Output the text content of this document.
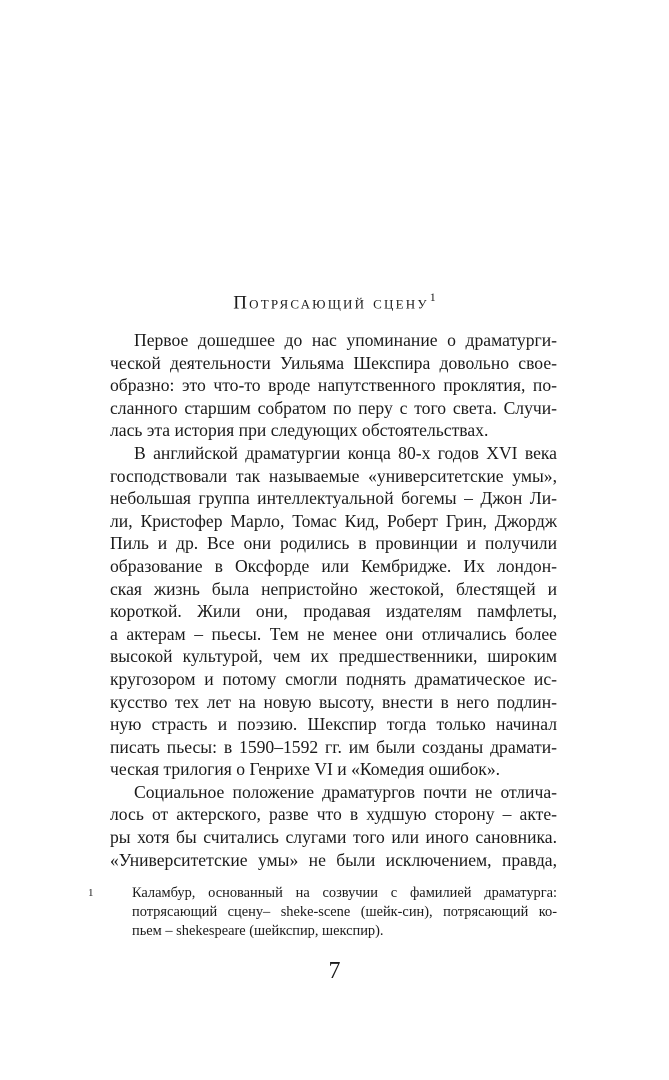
Потрясающий сцену$^1$
Первое дошедшее до нас упоминание о драматурги-
ческой деятельности Уильяма Шекспира довольно свое-
образно: это что-то вроде напутственного проклятия, по-
сланного старшим собратом по перу с того света. Случи-
лась эта история при следующих обстоятельствах.
В английской драматургии конца 80-х годов XVI века
господствовали так называемые «университетские умы»,
небольшая группа интеллектуальной богемы – Джон Ли-
ли, Кристофер Марло, Томас Кид, Роберт Грин, Джордж
Пиль и др. Все они родились в провинции и получили
образование в Оксфорде или Кембридже. Их лондон-
ская жизнь была непристойно жестокой, блестящей и
короткой. Жили они, продавая издателям памфлеты,
а актерам – пьесы. Тем не менее они отличались более
высокой культурой, чем их предшественники, широким
кругозором и потому смогли поднять драматическое ис-
кусство тех лет на новую высоту, внести в него подлин-
ную страсть и поэзию. Шекспир тогда только начинал
писать пьесы: в 1590–1592 гг. им были созданы драмати-
ческая трилогия о Генрихе VI и «Комедия ошибок».
Социальное положение драматургов почти не отлича-
лось от актерского, разве что в худшую сторону – акте-
ры хотя бы считались слугами того или иного сановника.
«Университетские умы» не были исключением, правда,
1	Каламбур, основанный на созвучии с фамилией драматурга:
потрясающий сцену– sheke-scene (шейк-син), потрясающий ко-
пьем – shekespeare (шейкспир, шекспир).
7
